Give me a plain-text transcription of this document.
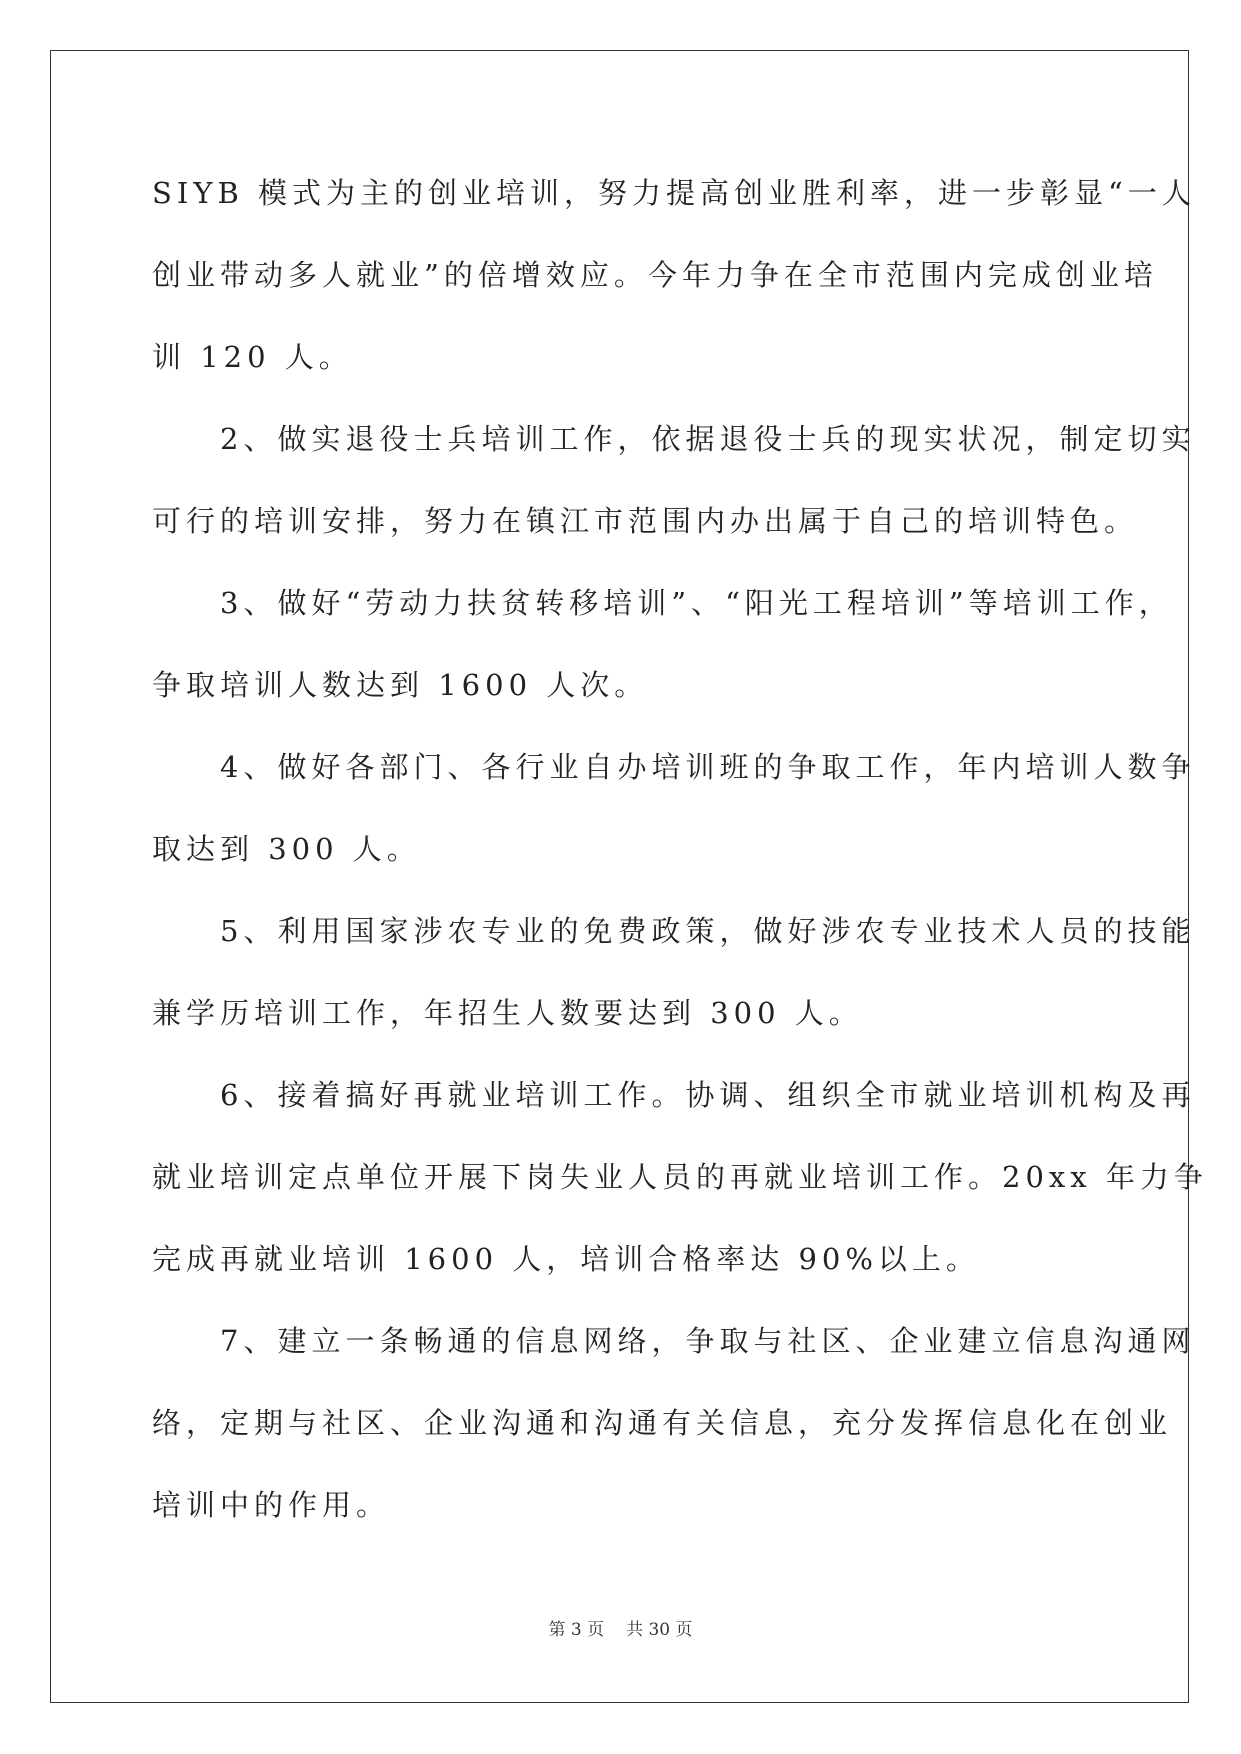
SIYB 模式为主的创业培训，努力提高创业胜利率，进一步彰显“一人
创业带动多人就业”的倍增效应。今年力争在全市范围内完成创业培
训 120 人。
　　2、做实退役士兵培训工作，依据退役士兵的现实状况，制定切实
可行的培训安排，努力在镇江市范围内办出属于自己的培训特色。
　　3、做好“劳动力扶贫转移培训”、“阳光工程培训”等培训工作，
争取培训人数达到 1600 人次。
　　4、做好各部门、各行业自办培训班的争取工作，年内培训人数争
取达到 300 人。
　　5、利用国家涉农专业的免费政策，做好涉农专业技术人员的技能
兼学历培训工作，年招生人数要达到 300 人。
　　6、接着搞好再就业培训工作。协调、组织全市就业培训机构及再
就业培训定点单位开展下岗失业人员的再就业培训工作。20xx 年力争
完成再就业培训 1600 人，培训合格率达 90%以上。
　　7、建立一条畅通的信息网络，争取与社区、企业建立信息沟通网
络，定期与社区、企业沟通和沟通有关信息，充分发挥信息化在创业
培训中的作用。
第 3 页 共 30 页
